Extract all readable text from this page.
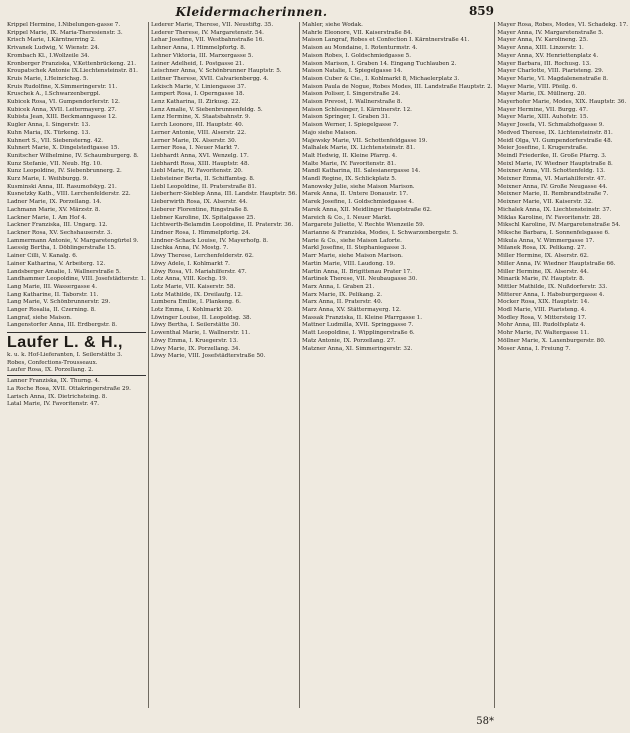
Kleidermacherinnen.	859
Krippel Hermine, I.Nibelungen-gasse 7.
Krippel Marie, IX. Maria-Theresienstr. 3.
Krisch Marie, I.Kärntnerring 2.
Krivanek Ludwig, V. Wienstr. 24.
Krombach Kl., I.Wollzeile 34.
Kronberger Franziska, V.Kettenbrückeng. 21.
Kroupatschek Antonie IX.Liechtensteinstr. 81.
Kruis Marie, I.Heinrichsg. 5.
Kruis Rudolfine, X.Simmeringerstr. 11.
Kruschek A., I.Schwarzenbergpl.
Kubicek Rosa, VI. Gumpendorferstr. 12.
Kubicek Anna, XVII. Leitermayerg. 27.
Kubista Jean, XIII. Beckmanngasse 12.
Kugler Anna, I. Singerstr. 13.
Kuhn Maria, IX. Türkeng. 13.
Kuhnert S., VII. Siebensterng. 42.
Kuhnert Marie, X. Dingelstedtgasse 15.
Kunitscher Wilhelmine, IV. Schaumburgerg. 8.
Kunz Stefanie, VII. Neub. Hg. 10.
Kunz Leopoldine, IV. Siebenbrunnerg. 2.
Kurz Marie, I. Weihburgg. 9.
Kusminski Anna, III. Rasumofskyg. 21.
Kusnetzky Kath., VIII. Lerchenfelderstr. 22.
Ladner Marie, IX. Porzellang. 14.
Lachmann Marie, XV. Märzstr. 8.
Lackner Marie, I. Am Hof 4.
Lackner Franziska, III. Ungarg. 12.
Lackner Rosa, XV. Sechshauserstr. 3.
Lammermann Antonie, V. Margaretengürtel 9.
Laessig Bertha, I. Döblingerstraße 15.
Lainer Cilli, V. Kanalg. 6.
Lainer Katharina, V. Arbeiterg. 12.
Landsberger Amalie, I. Wallnerstraße 5.
Landhammer Leopoldine, VIII. Josefstädterstr. 1.
Lang Marie, III. Wassergasse 4.
Lang Katharine, II. Taborstr. 11.
Lang Marie, V. Schönbrunnerstr. 29.
Langer Rosalia, II. Czerning. 8.
Langraf, siehe Maison.
Langenstorfer Anna, III. Erdbergstr. 8.
Laufer L. & H.,
k. u. k. Hof-Lieferanten, I. Seilerstätte 3.
Robes, Confections-Trousseaux.
Laufer Rosa, IX. Porzellang. 2.
Lanner Franziska, IX. Thurng. 4.
La Roche Rosa, XVII. Ottakringerstraße 29.
Larisch Anna, IX. Dietrichsteing. 8.
Latal Marie, IV. Favoritenstr. 47.
Lederer Marie, Therese, VII. Neustiftg. 35.
Lederer Therese, IV. Margaretenstr. 54.
Lehar Josefine, VII. Westbahnstraße 16.
Lehner Anna, I. Himmelpfortg. 8.
Lehner Viktoria, III. Marxergasse 5.
Leiner Adelheid, I. Postgasse 21.
Leischner Anna, V. Schönbrunner Hauptstr. 5.
Leitner Therese, XVII. Calvarienbergg. 4.
Lekisch Marie, V. Liniengasse 37.
Lempert Rosa, I. Operngasse 18.
Lenz Katharina, II. Zirkusg. 22.
Lenz Amalie, V. Siebenbrunnenfeldg. 5.
Lenz Hermine, X. Staatsbahnstr. 9.
Lerch Leonore, III. Hauptstr. 40.
Lerner Antonie, VIII. Alserstr. 22.
Lerner Marie, IX. Alserstr. 30.
Lerner Rosa, I. Neuer Markt 7.
Liebhardt Anna, XVI. Wenzelg. 17.
Liebhardt Rosa, XIII. Hauptstr. 48.
Liebl Marie, IV. Favoritenstr. 20.
Liebsteiner Berta, II. Schiffamtsg. 8.
Liebl Leopoldine, II. Praterstraße 81.
Lieberherr-Sieblep Anna, III. Landstr. Hauptstr. 56.
Lieberwirth Rosa, IX. Alserstr. 44.
Lieberer Florentine, Ringstraße 8.
Liebner Karoline, IX. Spitalgasse 25.
Lichtwerth-Belamdin Leopoldine, II. Praterstr. 36.
Lindner Rosa, I. Himmelpfortg. 24.
Lindner-Schack Louise, IV. Mayerhofg. 8.
Lischka Anna, IV. Mostg. 7.
Löwy Therese, Lerchenfelderstr. 62.
Löwy Adele, I. Kohlmarkt 7.
Löwy Rosa, VI. Mariahilferstr. 47.
Lotz Anna, VIII. Kochg. 19.
Lotz Marie, VII. Kaiserstr. 58.
Lotz Mathilde, IX. Dreilaufg. 12.
Lumbera Emilie, I. Plankeng. 6.
Lotz Emma, I. Kohlmarkt 20.
Löwinger Louise, II. Leopoldsg. 38.
Löwy Bertha, I. Seilerstätte 30.
Lowenthal Marie, I. Wallnerstr. 11.
Löwy Emma, I. Kruegerstr. 13.
Löwy Marie, IX. Porzellang. 34.
Löwy Marie, VIII. Josefstädterstraße 50.
Mahler, siehe Wodak.
Mahrle Eleonore, VII. Kaiserstraße 84.
Maison Langraf, Robes et Confection I. Kärntnerstraße 41.
Maison au Mondaine, I. Rotenturmstr. 4.
Maison Robes, I. Goldschmiedgasse 5.
Maison Marison, I. Graben 14. Eingang Tuchlauben 2.
Maison Natalie, I. Spiegelgasse 14.
Maison Cuber & Cie., I. Kohlmarkt 8, Michaelerplatz 3.
Maison Paula de Nogue, Robes Modes, III. Landstraße Hauptstr. 2.
Maison Poliser, I. Singerstraße 24.
Maison Prevost, I. Wallnerstraße 8.
Maison Schlesinger, I. Kärntnerstr. 12.
Maison Springer, I. Graben 31.
Maison Werner, I. Spiegelgasse 7.
Majo siehe Maison.
Majewsky Marie, VII. Schottenfeldgasse 19.
Malhalek Marie, IX. Lichtensteinstr. 81.
Malt Hedwig, II. Kleine Pfarrg. 4.
Malte Marie, IV. Favoritenstr. 81.
Mandl Katharina, III. Salesianergasse 14.
Mandl Regine, IX. Schlickplatz 5.
Manowsky Julie, siehe Maison Marison.
Marek Anna, II. Untere Donaustr. 17.
Marek Josefine, I. Goldschmiedgasse 4.
Marek Anna, XII. Meidlinger Hauptstraße 62.
Mareich & Co., I. Neuer Markt.
Margarete Juliette, V. Rechte Wienzeile 59.
Marianne & Franziska, Modes, I. Schwarzenbergstr. 5.
Marie & Co., siehe Maison Laforte.
Markl Josefine, II. Stephaniegasse 3.
Marr Marie, siehe Maison Marison.
Martin Marie, VIII. Laudong. 19.
Martin Anna, II. Brigittenau Prater 17.
Martinek Therese, VII. Neubaugasse 30.
Marx Anna, I. Graben 21.
Marx Marie, IX. Pelikang. 2.
Marx Anna, II. Praterstr. 40.
Marz Anna, XV. Stättermayerg. 12.
Massak Franziska, II. Kleine Pfarrgasse 1.
Mattner Ludmilla, XVII. Springgasse 7.
Matt Leopoldine, I. Wipplingerstraße 6.
Matz Antonie, IX. Porzellang. 27.
Matzner Anna, XI. Simmeringerstr. 32.
Mayer Rosa, Robes, Modes, VI. Schadekg. 17.
Mayer Anna, IV. Margaretenstraße 5.
Mayer Anna, IV. Karolineng. 25.
Mayer Anna, XIII. Linzerstr. 1.
Mayer Anna, XV. Henriettenplatz 4.
Mayer Barbara, III. Rochusg. 13.
Mayer Charlotte, VIII. Piaristeng. 29.
Mayer Marie, VI. Magdalenenstraße 8.
Mayer Marie, VIII. Pfeilg. 6.
Mayer Marie, IX. Müllnerg. 20.
Mayerhofer Marie, Modes, XIX. Hauptstr. 36.
Mayer Hermine, VII. Burgg. 47.
Mayer Marie, XIII. Auhofstr. 15.
Mayer Josefa, VI. Schmalzhofgasse 9.
Medved Therese, IX. Lichtensteinstr. 81.
Meidl Olga, VI. Gumpendorferstraße 48.
Meier Josefine, I. Krugerstraße.
Meindl Friederike, II. Große Pfarrg. 3.
Meixl Marie, IV. Wiedner Hauptstraße 8.
Meixner Anna, VII. Schottenfeldg. 13.
Meixner Emma, VI. Mariahilferstr. 47.
Meixner Anna, IV. Große Neugasse 44.
Meixner Marie, II. Rembrandtstraße 7.
Meixner Marie, VII. Kaiserstr. 32.
Michalek Anna, IX. Liechtensteinstr. 37.
Miklas Karoline, IV. Favoritenstr. 28.
Mikschl Karoline, IV. Margaretenstraße 54.
Miksche Barbara, I. Sonnenfelsgasse 6.
Mikula Anna, V. Wimmergasse 17.
Milanek Rosa, IX. Pelikang. 27.
Miller Hermine, IX. Alserstr. 62.
Miller Anna, IV. Wiedner Hauptstraße 66.
Miller Hermine, IX. Alserstr. 44.
Minarik Marie, IV. Hauptstr. 8.
Mittler Mathilde, IX. Nußdorferstr. 33.
Mitterer Anna, I. Habsburgergasse 4.
Mocker Rosa, XIX. Hauptstr. 14.
Modl Marie, VIII. Piaristeng. 4.
Modley Rosa, V. Mittersteig 17.
Mohr Anna, III. Rudolfsplatz 4.
Mohr Marie, IV. Waltergasse 11.
Möllner Marie, X. Laxenburgerstr. 80.
Moser Anna, I. Freiung 7.
58*
